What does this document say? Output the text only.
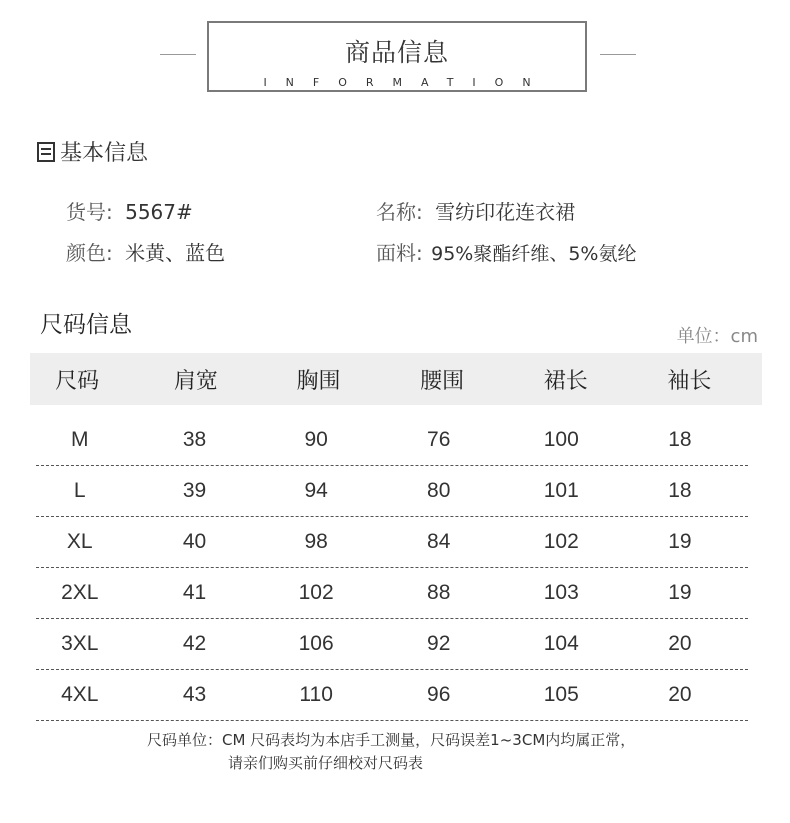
商品信息
INFORMATION
基本信息
货号: 5567#	名称: 雪纺印花连衣裙
颜色: 米黄、蓝色	面料: 95%聚酯纤维、5%氨纶
尺码信息	单位：cm
尺码	肩宽	胸围	腰围	裙长	袖长
M	38	90	76	100	18
L	39	94	80	101	18
XL	40	98	84	102	19
2XL	41	102	88	103	19
3XL	42	106	92	104	20
4XL	43	110	96	105	20
尺码单位：CM 尺码表均为本店手工测量，尺码误差1~3CM内均属正常，
请亲们购买前仔细校对尺码表
